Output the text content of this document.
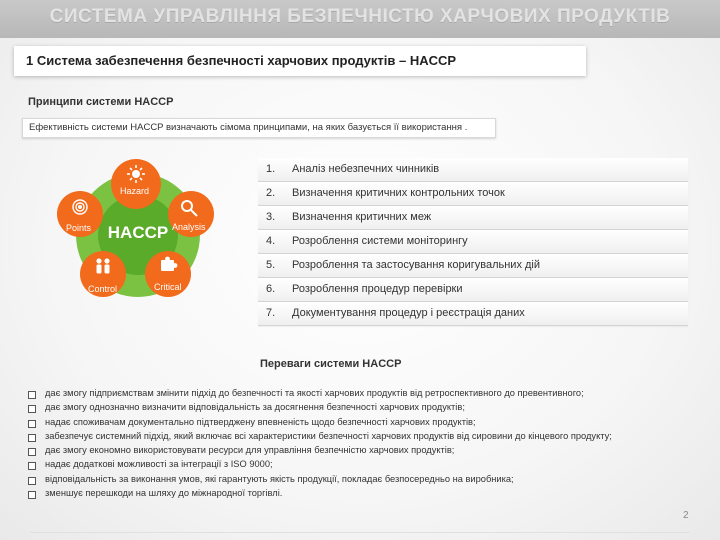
СИСТЕМА УПРАВЛІННЯ БЕЗПЕЧНІСТЮ ХАРЧОВИХ ПРОДУКТІВ
1 Система забезпечення безпечності харчових продуктів – HACCP
Принципи системи HACCP
Ефективність системи HACCP визначають сімома принципами, на яких базується її використання .
Hazard
Analysis
Points
Control	Critical
HACCP
1. Аналіз небезпечних чинників
2. Визначення критичних контрольних точок
3. Визначення критичних меж
4. Розроблення системи моніторингу
5. Розроблення та застосування коригувальних дій
6. Розроблення процедур перевірки
7. Документування процедур і реєстрація даних
Переваги системи HACCP
дає змогу підприємствам змінити підхід до безпечності та якості харчових продуктів від ретроспективного до превентивного;
дає змогу однозначно визначити відповідальність за досягнення безпечності харчових продуктів;
надає споживачам документально підтверджену впевненість щодо безпечності харчових продуктів;
забезпечує системний підхід, який включає всі характеристики безпечності харчових продуктів від сировини до кінцевого продукту;
дає змогу економно використовувати ресурси для управління безпечністю харчових продуктів;
надає додаткові можливості за інтеграції з ISO 9000;
відповідальність за виконання умов, які гарантують якість продукції, покладає безпосередньо на виробника;
зменшує перешкоди на шляху до міжнародної торгівлі.
2
